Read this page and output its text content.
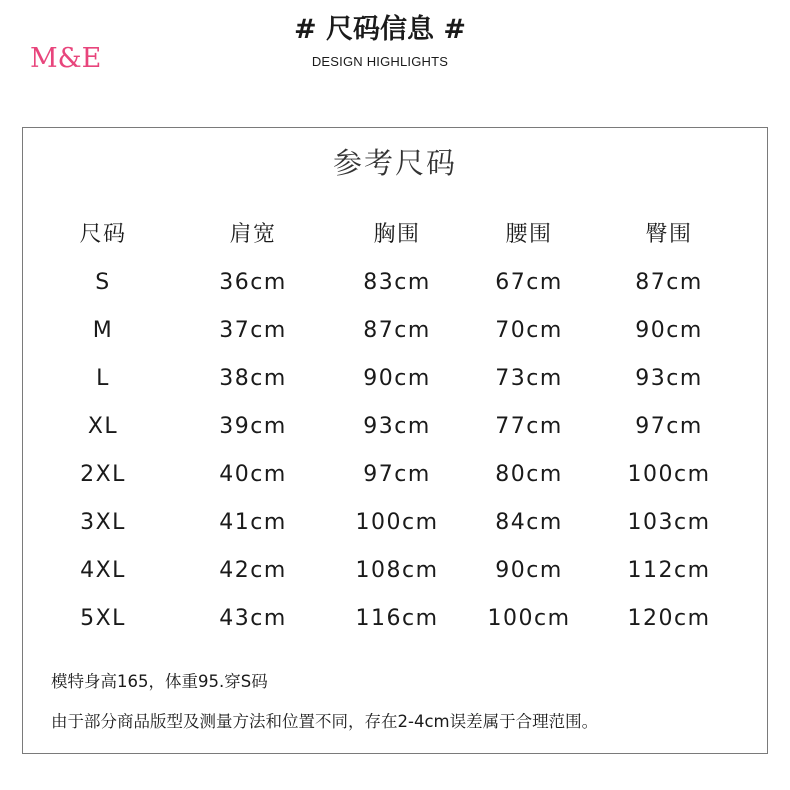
M&E
# 尺码信息 #
DESIGN HIGHLIGHTS
参考尺码
尺码	肩宽	胸围	腰围	臀围
S	36cm	83cm	67cm	87cm
M	37cm	87cm	70cm	90cm
L	38cm	90cm	73cm	93cm
XL	39cm	93cm	77cm	97cm
2XL	40cm	97cm	80cm	100cm
3XL	41cm	100cm	84cm	103cm
4XL	42cm	108cm	90cm	112cm
5XL	43cm	116cm	100cm	120cm
模特身高165，体重95.穿S码
由于部分商品版型及测量方法和位置不同，存在2-4cm误差属于合理范围。
